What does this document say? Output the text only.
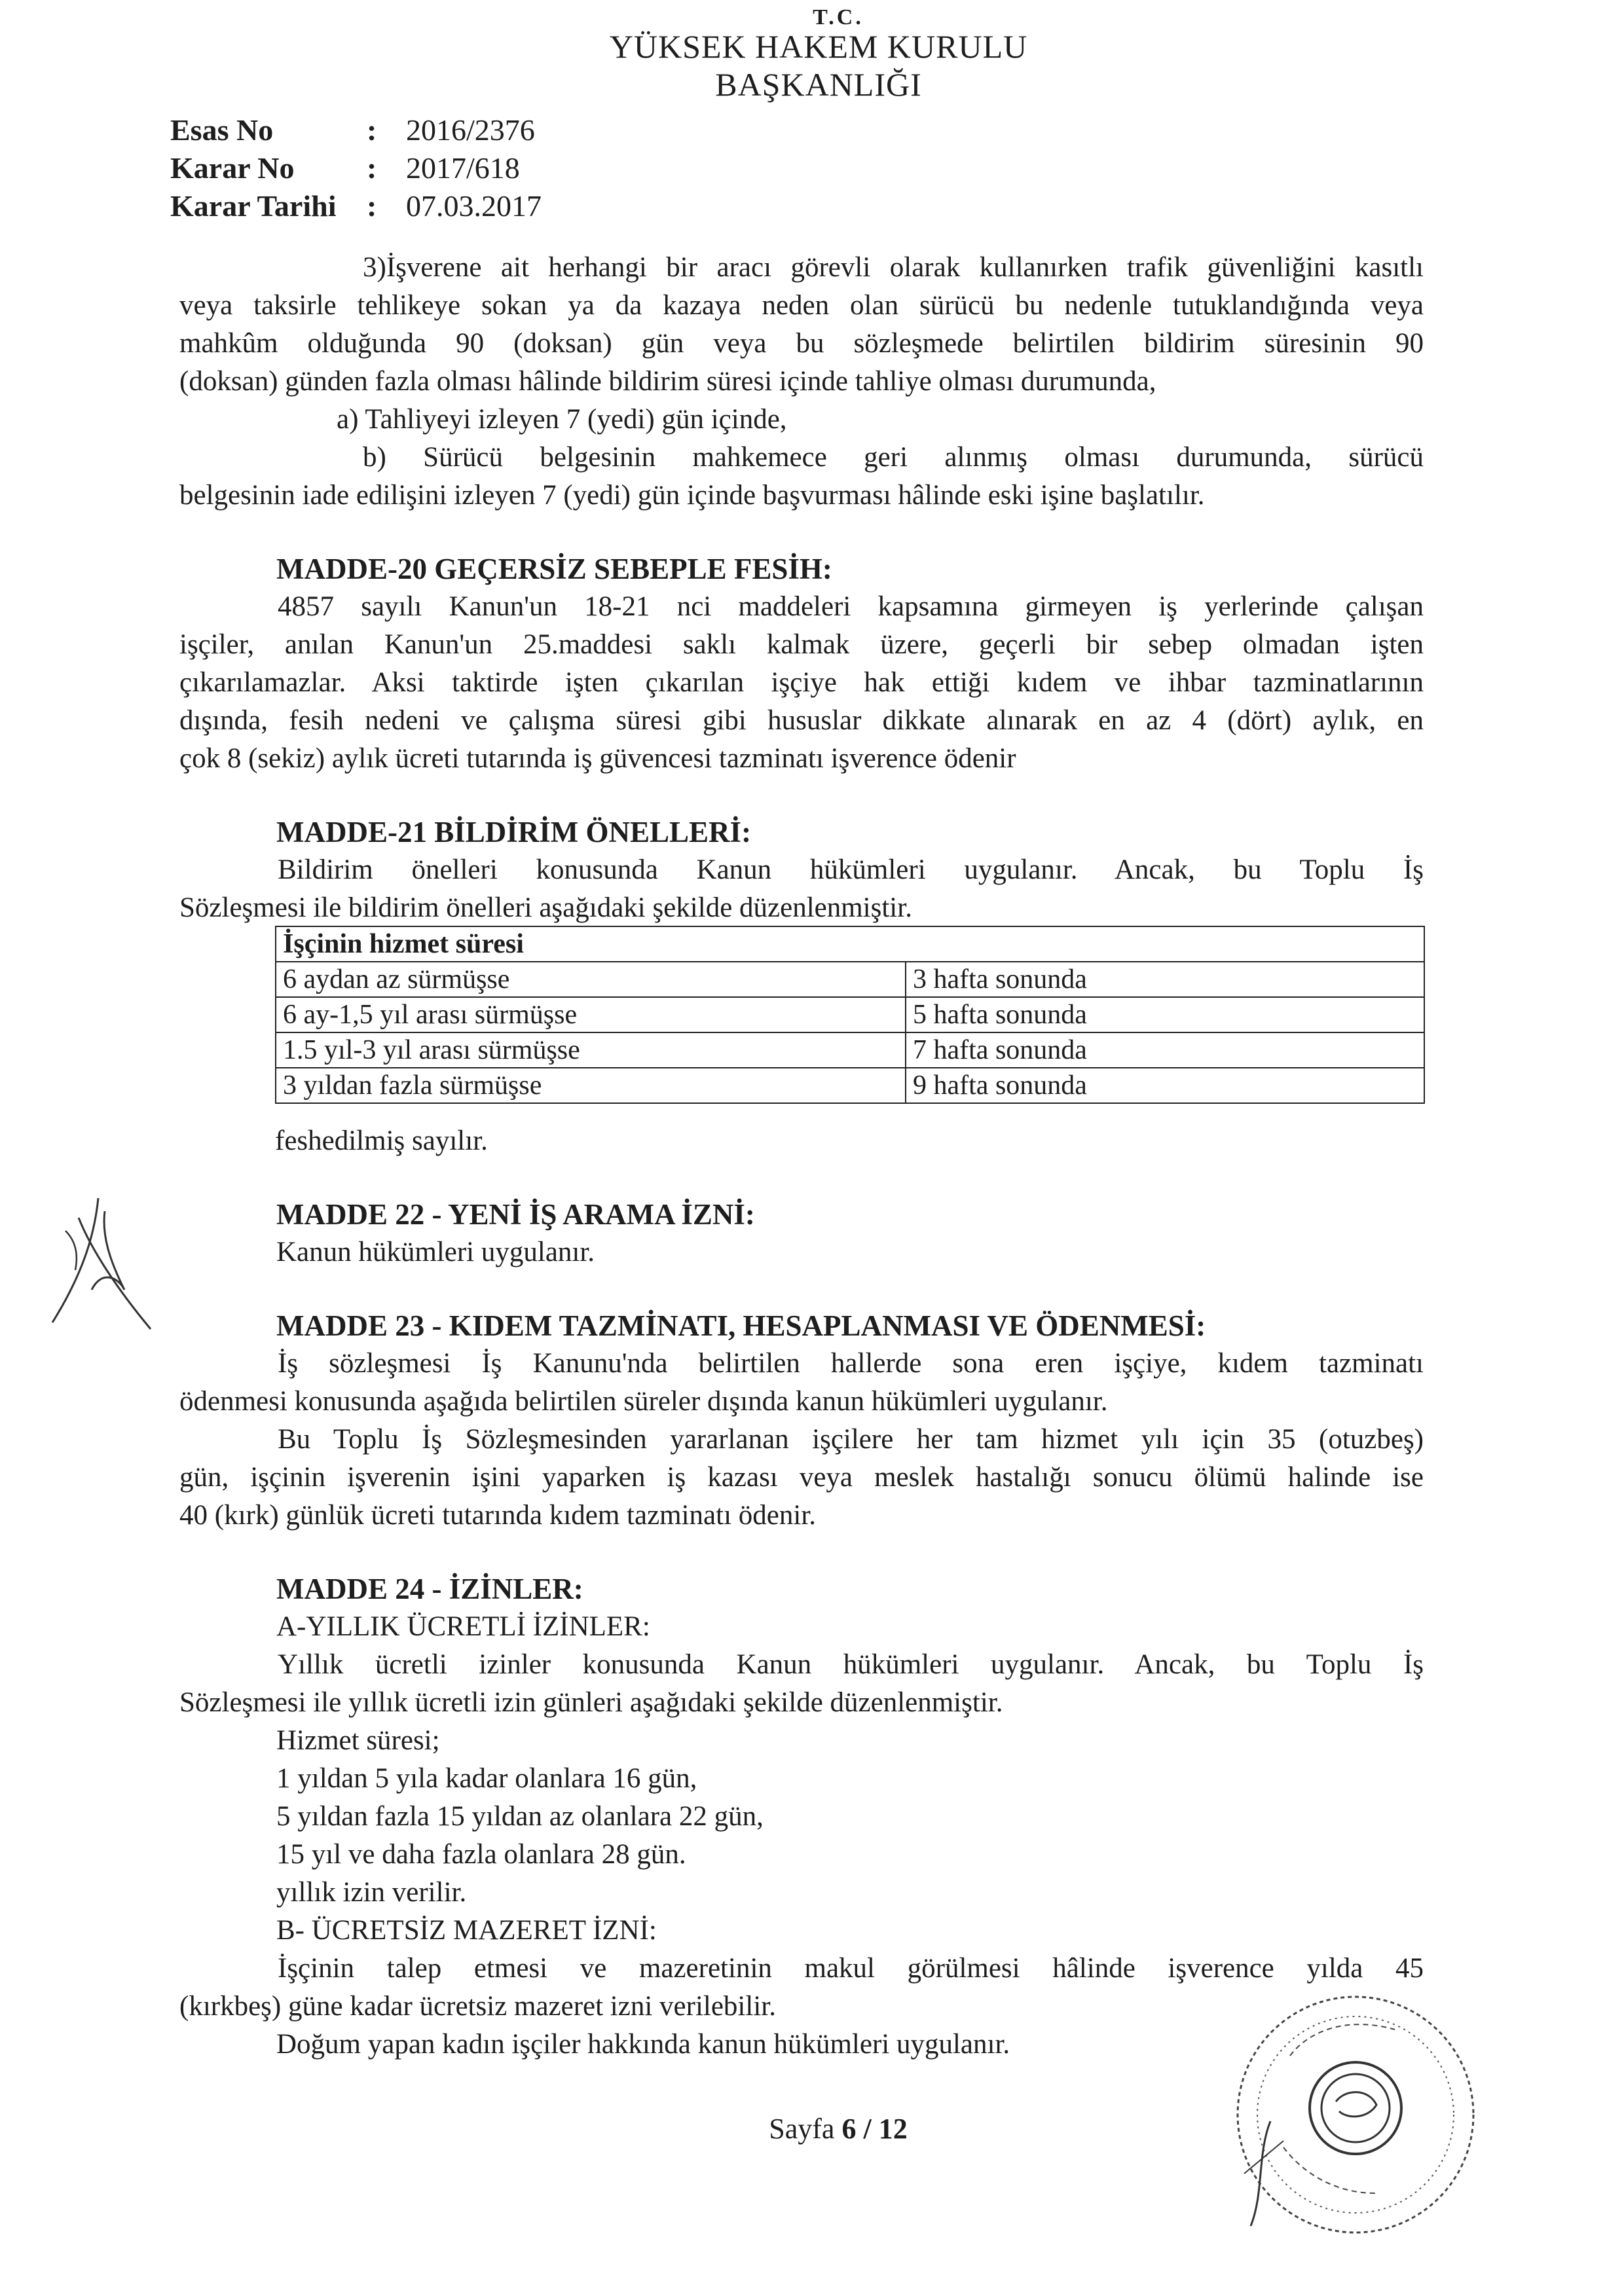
T.C.
YÜKSEK HAKEM KURULU
BAŞKANLIĞI
Esas No	: 2016/2376
Karar No	: 2017/618
Karar Tarihi	: 07.03.2017
3)İşverene ait herhangi bir aracı görevli olarak kullanırken trafik güvenliğini kasıtlı
veya taksirle tehlikeye sokan ya da kazaya neden olan sürücü bu nedenle tutuklandığında veya
mahkûm olduğunda 90 (doksan) gün veya bu sözleşmede belirtilen bildirim süresinin 90
(doksan) günden fazla olması hâlinde bildirim süresi içinde tahliye olması durumunda,
a) Tahliyeyi izleyen 7 (yedi) gün içinde,
b) Sürücü belgesinin mahkemece geri alınmış olması durumunda, sürücü
belgesinin iade edilişini izleyen 7 (yedi) gün içinde başvurması hâlinde eski işine başlatılır.
MADDE-20 GEÇERSİZ SEBEPLE FESİH:
4857 sayılı Kanun'un 18-21 nci maddeleri kapsamına girmeyen iş yerlerinde çalışan
işçiler, anılan Kanun'un 25.maddesi saklı kalmak üzere, geçerli bir sebep olmadan işten
çıkarılamazlar. Aksi taktirde işten çıkarılan işçiye hak ettiği kıdem ve ihbar tazminatlarının
dışında, fesih nedeni ve çalışma süresi gibi hususlar dikkate alınarak en az 4 (dört) aylık, en
çok 8 (sekiz) aylık ücreti tutarında iş güvencesi tazminatı işverence ödenir
MADDE-21 BİLDİRİM ÖNELLERİ:
Bildirim önelleri konusunda Kanun hükümleri uygulanır. Ancak, bu Toplu İş
Sözleşmesi ile bildirim önelleri aşağıdaki şekilde düzenlenmiştir.
İşçinin hizmet süresi	
6 aydan az sürmüşse	3 hafta sonunda
6 ay-1,5 yıl arası sürmüşse	5 hafta sonunda
1.5 yıl-3 yıl arası sürmüşse	7 hafta sonunda
3 yıldan fazla sürmüşse	9 hafta sonunda
feshedilmiş sayılır.
MADDE 22 - YENİ İŞ ARAMA İZNİ:
Kanun hükümleri uygulanır.
MADDE 23 - KIDEM TAZMİNATI, HESAPLANMASI VE ÖDENMESİ:
İş sözleşmesi İş Kanunu'nda belirtilen hallerde sona eren işçiye, kıdem tazminatı
ödenmesi konusunda aşağıda belirtilen süreler dışında kanun hükümleri uygulanır.
Bu Toplu İş Sözleşmesinden yararlanan işçilere her tam hizmet yılı için 35 (otuzbeş)
gün, işçinin işverenin işini yaparken iş kazası veya meslek hastalığı sonucu ölümü halinde ise
40 (kırk) günlük ücreti tutarında kıdem tazminatı ödenir.
MADDE 24 - İZİNLER:
A-YILLIK ÜCRETLİ İZİNLER:
Yıllık ücretli izinler konusunda Kanun hükümleri uygulanır. Ancak, bu Toplu İş
Sözleşmesi ile yıllık ücretli izin günleri aşağıdaki şekilde düzenlenmiştir.
Hizmet süresi;
1 yıldan 5 yıla kadar olanlara 16 gün,
5 yıldan fazla 15 yıldan az olanlara 22 gün,
15 yıl ve daha fazla olanlara 28 gün.
yıllık izin verilir.
B- ÜCRETSİZ MAZERET İZNİ:
İşçinin talep etmesi ve mazeretinin makul görülmesi hâlinde işverence yılda 45
(kırkbeş) güne kadar ücretsiz mazeret izni verilebilir.
Doğum yapan kadın işçiler hakkında kanun hükümleri uygulanır.
Sayfa 6 / 12
